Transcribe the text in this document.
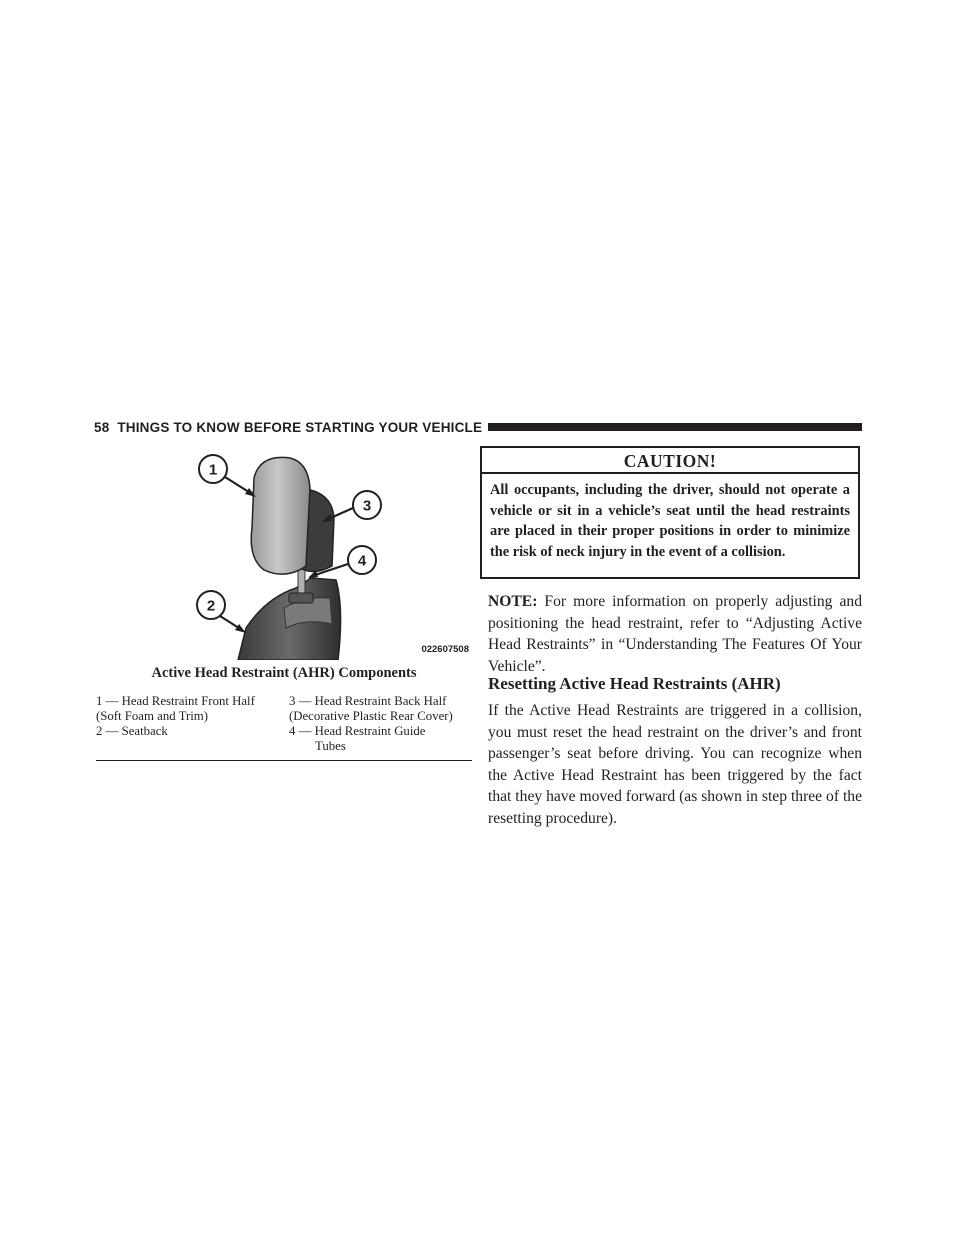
58 THINGS TO KNOW BEFORE STARTING YOUR VEHICLE
1
3
4
2
022607508
Active Head Restraint (AHR) Components
1 — Head Restraint Front Half
(Soft Foam and Trim)
2 — Seatback
3 — Head Restraint Back Half
(Decorative Plastic Rear Cover)
4 — Head Restraint Guide
Tubes
CAUTION!
All occupants, including the driver, should not operate a vehicle or sit in a vehicle’s seat until the head restraints are placed in their proper positions in order to minimize the risk of neck injury in the event of a collision.
NOTE: For more information on properly adjusting and positioning the head restraint, refer to “Adjusting Active Head Restraints” in “Understanding The Features Of Your Vehicle”.
Resetting Active Head Restraints (AHR)
If the Active Head Restraints are triggered in a collision, you must reset the head restraint on the driver’s and front passenger’s seat before driving. You can recognize when the Active Head Restraint has been triggered by the fact that they have moved forward (as shown in step three of the resetting procedure).
